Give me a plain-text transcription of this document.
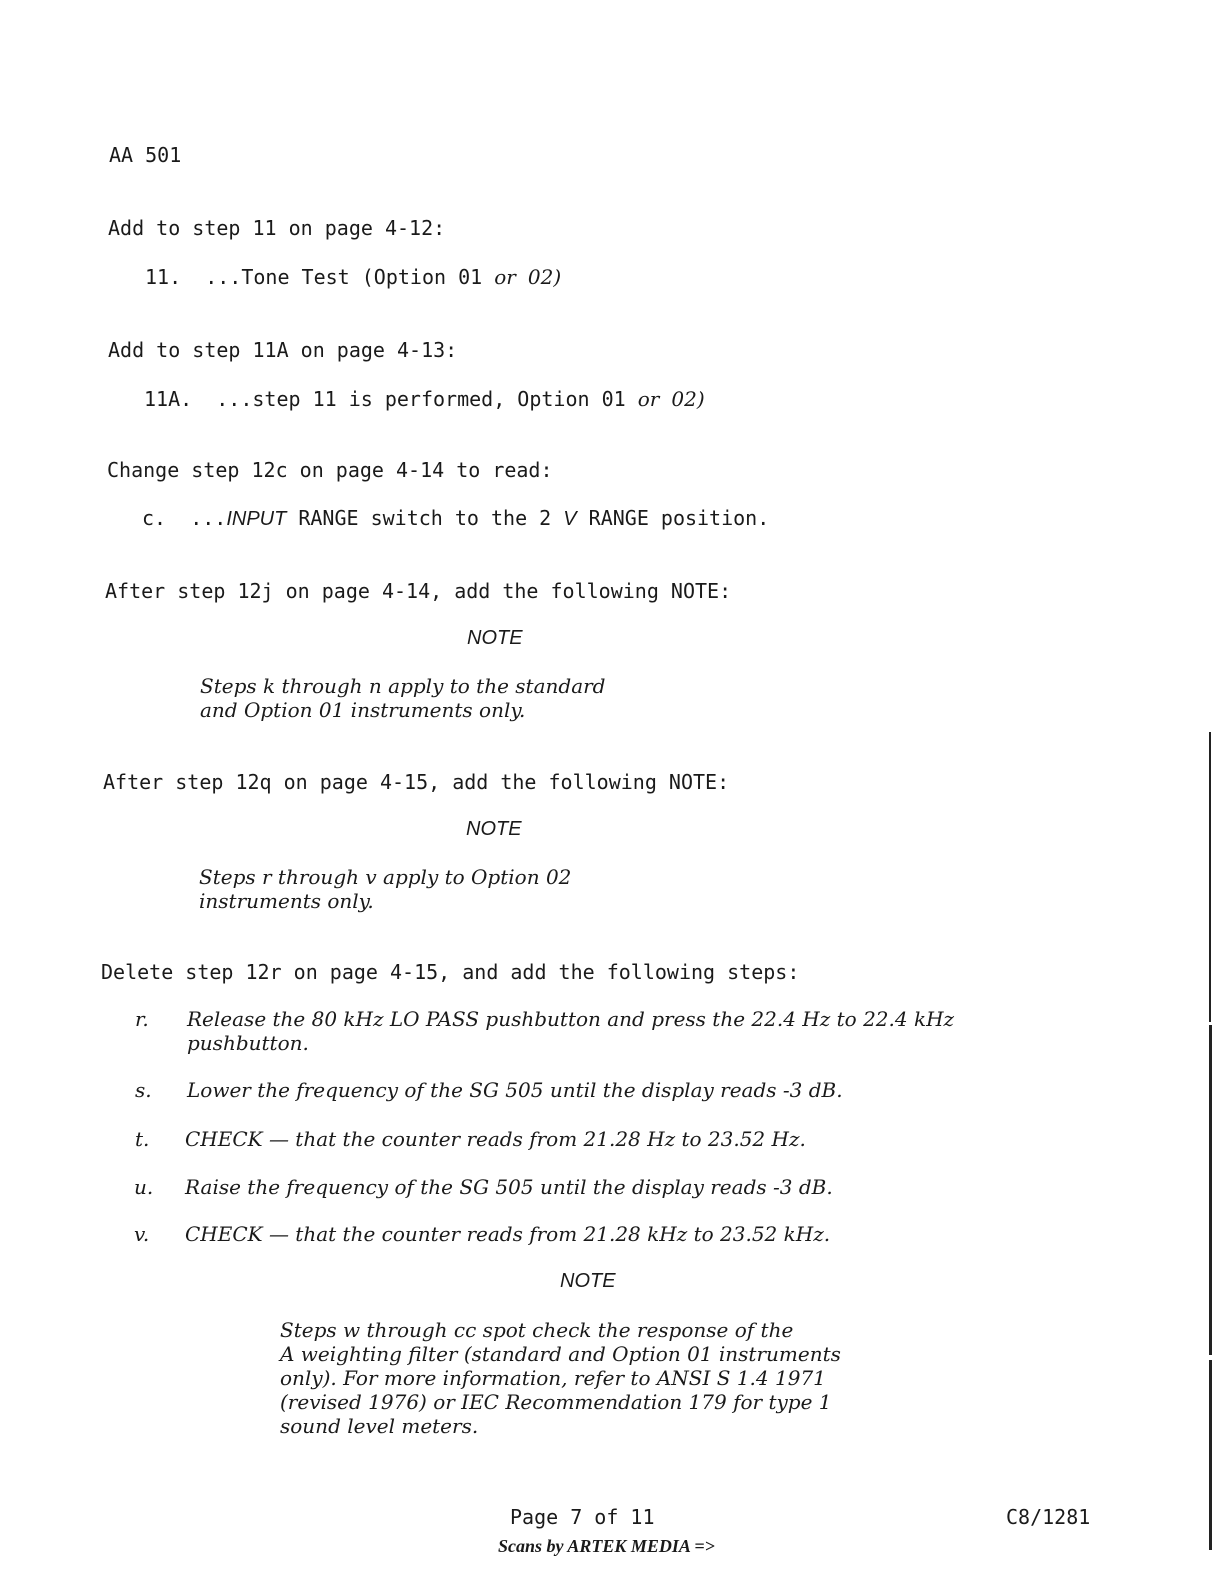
AA 501
Add to step 11 on page 4-12:
11. ...Tone Test (Option 01 or 02)
Add to step 11A on page 4-13:
11A. ...step 11 is performed, Option 01 or 02)
Change step 12c on page 4-14 to read:
c. ...INPUT RANGE switch to the 2 V RANGE position.
After step 12j on page 4-14, add the following NOTE:
NOTE
Steps k through n apply to the standard
and Option 01 instruments only.
After step 12q on page 4-15, add the following NOTE:
NOTE
Steps r through v apply to Option 02
instruments only.
Delete step 12r on page 4-15, and add the following steps:
r. Release the 80 kHz LO PASS pushbutton and press the 22.4 Hz to 22.4 kHz
pushbutton.
s. Lower the frequency of the SG 505 until the display reads -3 dB.
t. CHECK — that the counter reads from 21.28 Hz to 23.52 Hz.
u. Raise the frequency of the SG 505 until the display reads -3 dB.
v. CHECK — that the counter reads from 21.28 kHz to 23.52 kHz.
NOTE
Steps w through cc spot check the response of the
A weighting filter (standard and Option 01 instruments
only). For more information, refer to ANSI S 1.4 1971
(revised 1976) or IEC Recommendation 179 for type 1
sound level meters.
Page 7 of 11	C8/1281
Scans by ARTEK MEDIA =>
